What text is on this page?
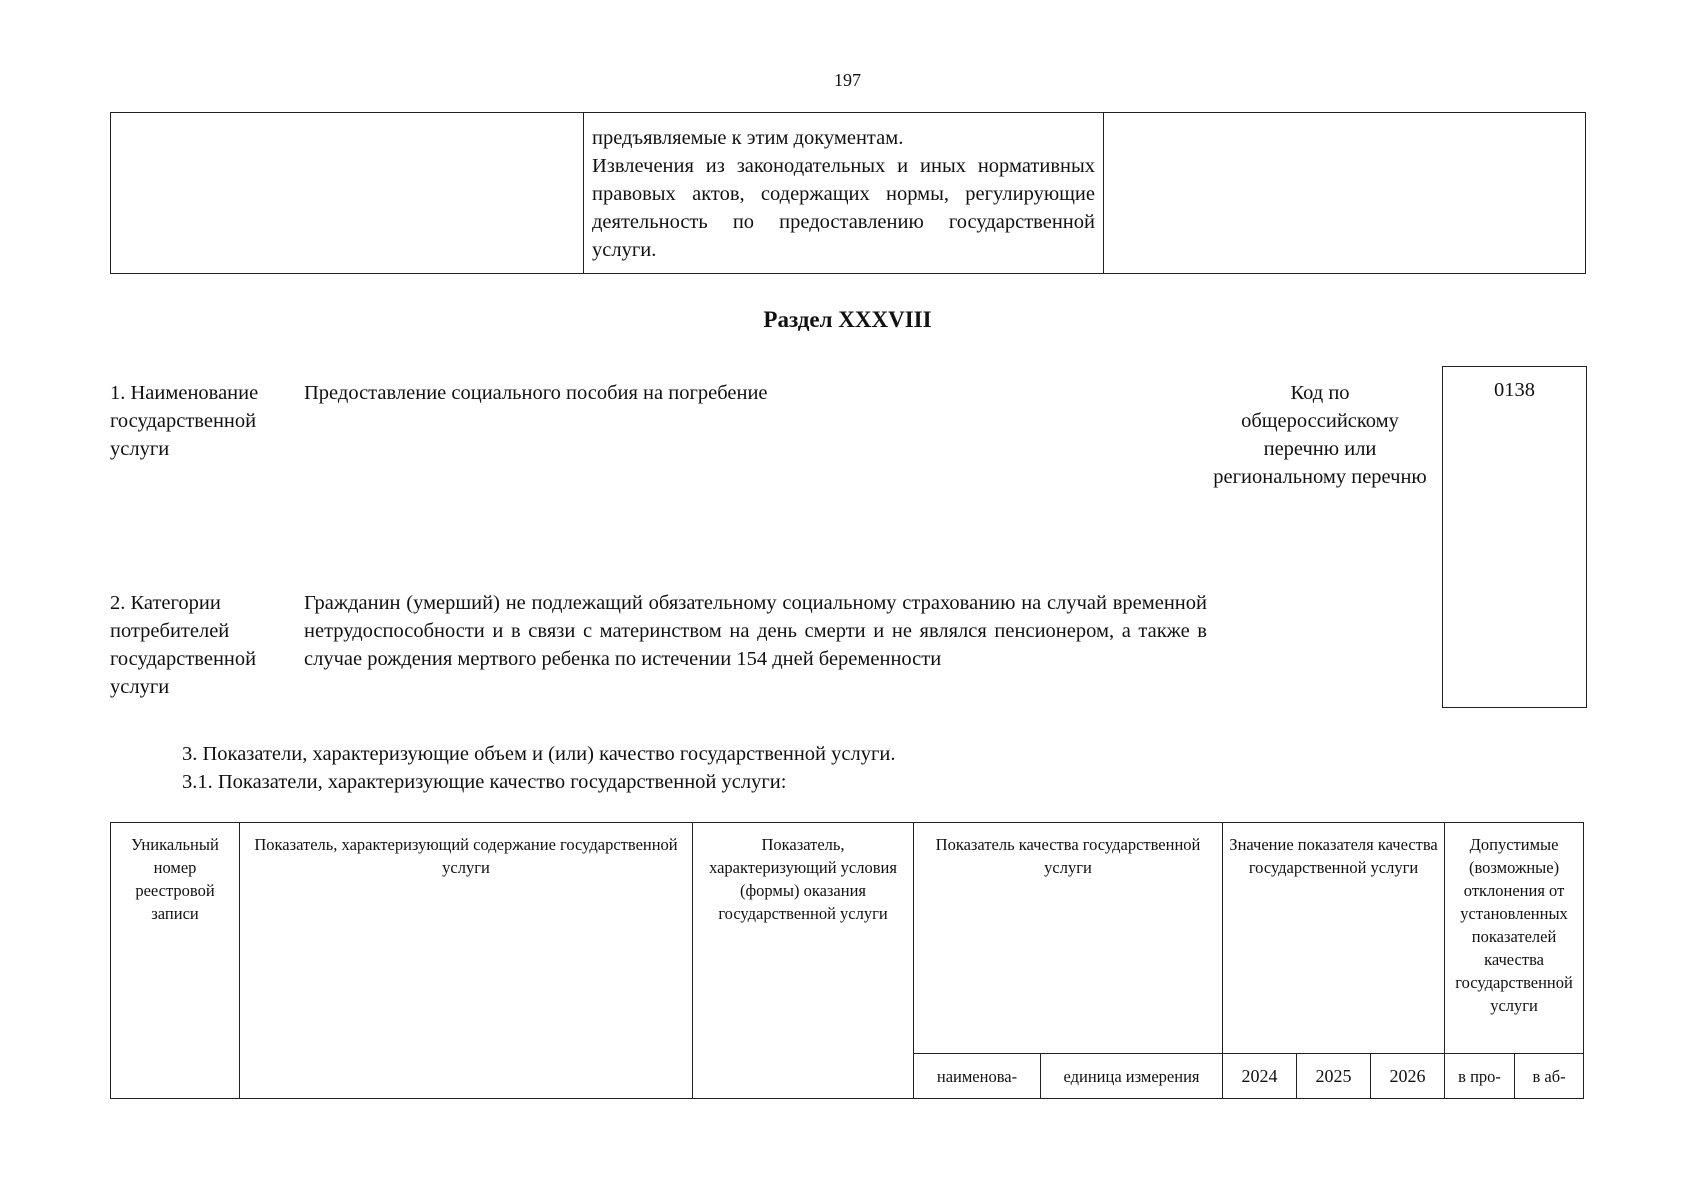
197

предъявляемые к этим документам.

Извлечения из законодательных и иных нормативных правовых актов, содержащих нормы, регулирующие деятельность по предоставлению государственной услуги.

Раздел XXXVIII
1. Наименование государственной услуги
Предоставление социального пособия на погребение	Код по общероссийскому перечню или региональному перечню
0138
2. Категории потребителей государственной услуги
Гражданин (умерший) не подлежащий обязательному социальному страхованию на случай временной нетрудоспособности и в связи с материнством на день смерти и не являлся пенсионером, а также в случае рождения мертвого ребенка по истечении 154 дней беременности
3. Показатели, характеризующие объем и (или) качество государственной услуги.
3.1. Показатели, характеризующие качество государственной услуги:
Уникальный номер реестровой записи	Показатель, характеризующий содержание государственной услуги	Показатель, характеризующий условия (формы) оказания государственной услуги	Показатель качества государственной услуги		Значение показателя качества государственной услуги			Допустимые (возможные) отклонения от установленных показателей качества государственной услуги	
			наименова-	единица измерения	2024	2025	2026	в про-	в аб-
